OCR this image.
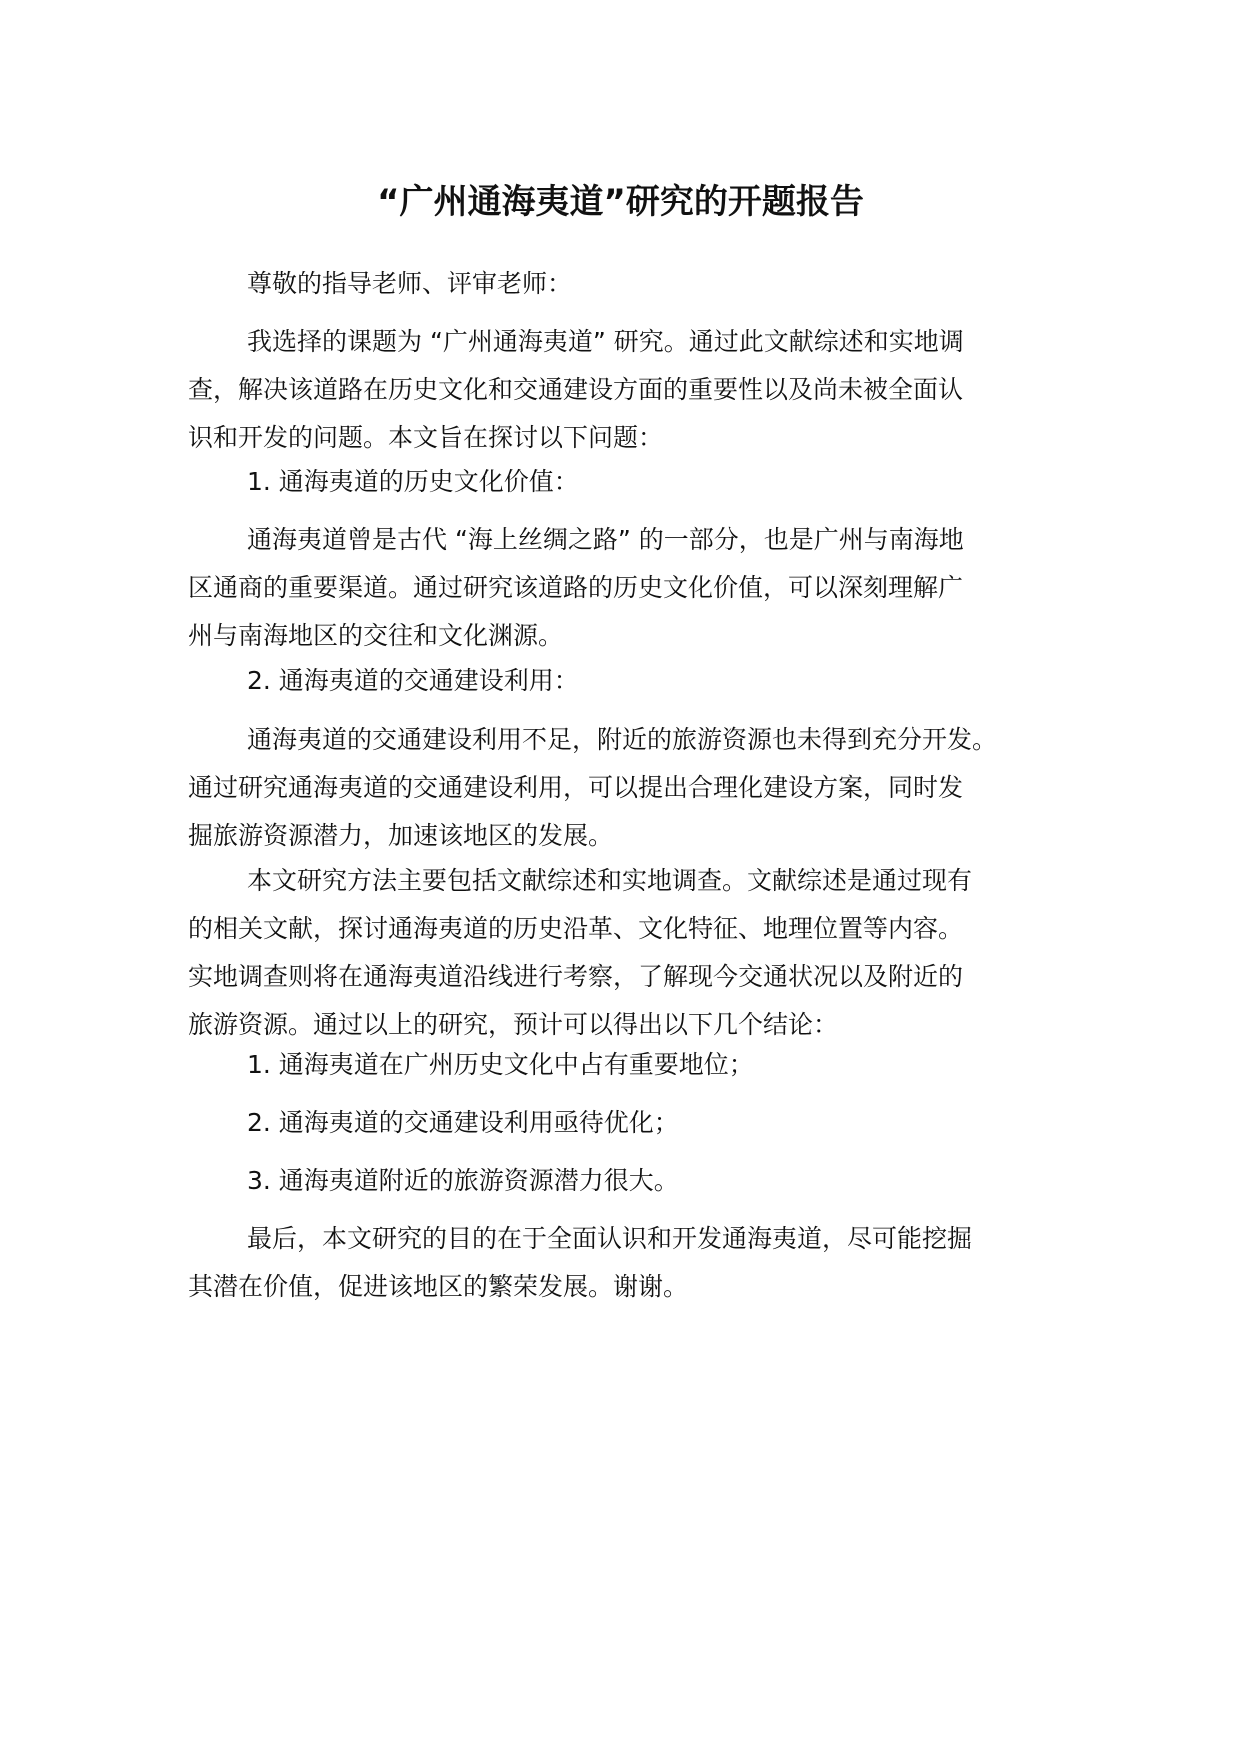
“广州通海夷道”研究的开题报告

尊敬的指导老师、评审老师：

我选择的课题为 “广州通海夷道” 研究。通过此文献综述和实地调
查，解决该道路在历史文化和交通建设方面的重要性以及尚未被全面认
识和开发的问题。本文旨在探讨以下问题：

1. 通海夷道的历史文化价值：

通海夷道曾是古代 “海上丝绸之路” 的一部分，也是广州与南海地
区通商的重要渠道。通过研究该道路的历史文化价值，可以深刻理解广
州与南海地区的交往和文化渊源。

2. 通海夷道的交通建设利用：

通海夷道的交通建设利用不足，附近的旅游资源也未得到充分开发。
通过研究通海夷道的交通建设利用，可以提出合理化建设方案，同时发
掘旅游资源潜力，加速该地区的发展。

本文研究方法主要包括文献综述和实地调查。文献综述是通过现有
的相关文献，探讨通海夷道的历史沿革、文化特征、地理位置等内容。
实地调查则将在通海夷道沿线进行考察，了解现今交通状况以及附近的
旅游资源。通过以上的研究，预计可以得出以下几个结论：

1. 通海夷道在广州历史文化中占有重要地位；

2. 通海夷道的交通建设利用亟待优化；

3. 通海夷道附近的旅游资源潜力很大。

最后，本文研究的目的在于全面认识和开发通海夷道，尽可能挖掘
其潜在价值，促进该地区的繁荣发展。谢谢。
